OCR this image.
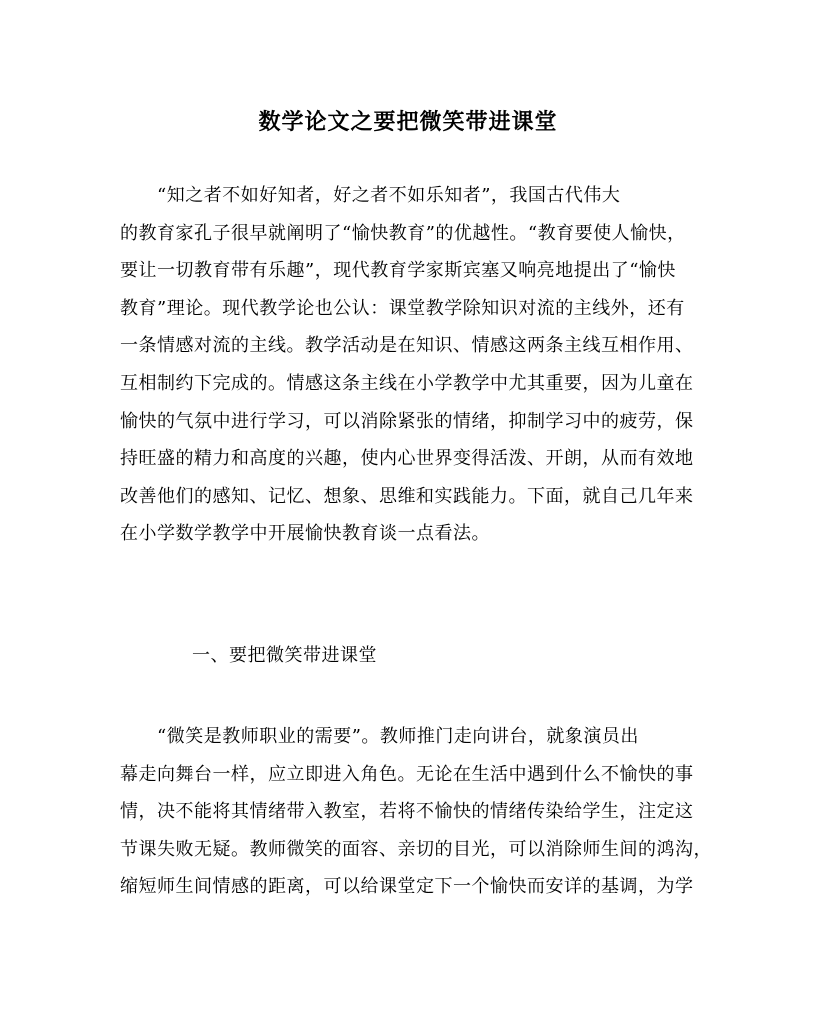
数学论文之要把微笑带进课堂
　　“知之者不如好知者，好之者不如乐知者”，我国古代伟大
的教育家孔子很早就阐明了“愉快教育”的优越性。“教育要使人愉快，
要让一切教育带有乐趣”，现代教育学家斯宾塞又响亮地提出了“愉快
教育”理论。现代教学论也公认：课堂教学除知识对流的主线外，还有
一条情感对流的主线。教学活动是在知识、情感这两条主线互相作用、
互相制约下完成的。情感这条主线在小学教学中尤其重要，因为儿童在
愉快的气氛中进行学习，可以消除紧张的情绪，抑制学习中的疲劳，保
持旺盛的精力和高度的兴趣，使内心世界变得活泼、开朗，从而有效地
改善他们的感知、记忆、想象、思维和实践能力。下面，就自己几年来
在小学数学教学中开展愉快教育谈一点看法。
一、要把微笑带进课堂
　　“微笑是教师职业的需要”。教师推门走向讲台，就象演员出
幕走向舞台一样，应立即进入角色。无论在生活中遇到什么不愉快的事
情，决不能将其情绪带入教室，若将不愉快的情绪传染给学生，注定这
节课失败无疑。教师微笑的面容、亲切的目光，可以消除师生间的鸿沟，
缩短师生间情感的距离，可以给课堂定下一个愉快而安详的基调，为学
